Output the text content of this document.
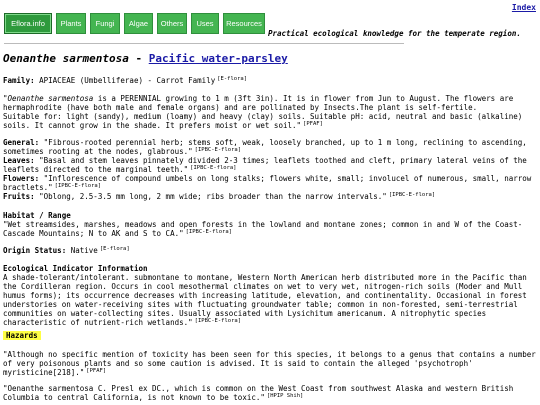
Index
Eflora.info	Plants	Fungi	Algae	Others	Uses	Resources
Practical ecological knowledge for the temperate region.
Oenanthe sarmentosa - Pacific water-parsley
Family: APIACEAE (Umbelliferae) - Carrot Family [E-flora]
"Oenanthe sarmentosa is a PERENNIAL growing to 1 m (3ft 3in). It is in flower from Jun to August. The flowers are hermaphrodite (have both male and female organs) and are pollinated by Insects.The plant is self-fertile.
Suitable for: light (sandy), medium (loamy) and heavy (clay) soils. Suitable pH: acid, neutral and basic (alkaline) soils. It cannot grow in the shade. It prefers moist or wet soil." [PFAF]
General: "Fibrous-rooted perennial herb; stems soft, weak, loosely branched, up to 1 m long, reclining to ascending, sometimes rooting at the nodes, glabrous." [IPBC-E-flora]
Leaves: "Basal and stem leaves pinnately divided 2-3 times; leaflets toothed and cleft, primary lateral veins of the leaflets directed to the marginal teeth." [IPBC-E-flora]
Flowers: "Inflorescence of compound umbels on long stalks; flowers white, small; involucel of numerous, small, narrow bractlets." [IPBC-E-flora]
Fruits: "Oblong, 2.5-3.5 mm long, 2 mm wide; ribs broader than the narrow intervals." [IPBC-E-flora]
Habitat / Range
"Wet streamsides, marshes, meadows and open forests in the lowland and montane zones; common in and W of the Coast-Cascade Mountains; N to AK and S to CA." [IPBC-E-flora]
Origin Status: Native [E-flora]
Ecological Indicator Information
A shade-tolerant/intolerant. submontane to montane, Western North American herb distributed more in the Pacific than the Cordilleran region. Occurs in cool mesothermal climates on wet to very wet, nitrogen-rich soils (Moder and Mull humus forms); its occurrence decreases with increasing latitude, elevation, and continentality. Occasional in forest understories on water-receiving sites with fluctuating groundwater table; common in non-forested, semi-terrestrial communities on water-collecting sites. Usually associated with Lysichitum americanum. A nitrophytic species characteristic of nutrient-rich wetlands." [IPBC-E-flora]
Hazards
"Although no specific mention of toxicity has been seen for this species, it belongs to a genus that contains a number of very poisonous plants and so some caution is advised. It is said to contain the alleged 'psychotroph' myristicine[218]." [PFAF]
"Oenanthe sarmentosa C. Presl ex DC., which is common on the West Coast from southwest Alaska and western British Columbia to central California, is not known to be toxic." [HPIP Shih]
